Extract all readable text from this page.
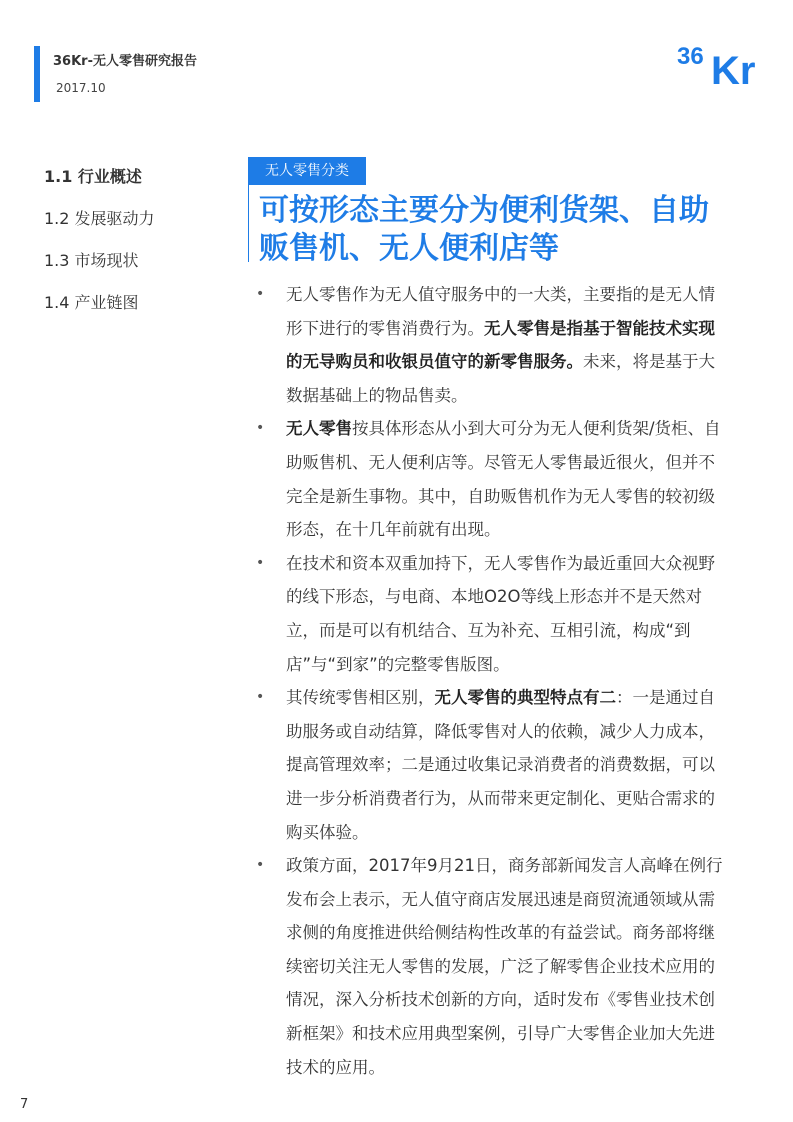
36Kr-无人零售研究报告
2017.10
36 Kr
1.1 行业概述
1.2 发展驱动力
1.3 市场现状
1.4 产业链图
无人零售分类
可按形态主要分为便利货架、自助贩售机、无人便利店等
• 无人零售作为无人值守服务中的一大类，主要指的是无人情形下进行的零售消费行为。无人零售是指基于智能技术实现的无导购员和收银员值守的新零售服务。未来，将是基于大数据基础上的物品售卖。
• 无人零售按具体形态从小到大可分为无人便利货架/货柜、自助贩售机、无人便利店等。尽管无人零售最近很火，但并不完全是新生事物。其中，自助贩售机作为无人零售的较初级形态，在十几年前就有出现。
• 在技术和资本双重加持下，无人零售作为最近重回大众视野的线下形态，与电商、本地O2O等线上形态并不是天然对立，而是可以有机结合、互为补充、互相引流，构成“到店”与“到家”的完整零售版图。
• 其传统零售相区别，无人零售的典型特点有二：一是通过自助服务或自动结算，降低零售对人的依赖，减少人力成本，提高管理效率；二是通过收集记录消费者的消费数据，可以进一步分析消费者行为，从而带来更定制化、更贴合需求的购买体验。
• 政策方面，2017年9月21日，商务部新闻发言人高峰在例行发布会上表示，无人值守商店发展迅速是商贸流通领域从需求侧的角度推进供给侧结构性改革的有益尝试。商务部将继续密切关注无人零售的发展，广泛了解零售企业技术应用的情况，深入分析技术创新的方向，适时发布《零售业技术创新框架》和技术应用典型案例，引导广大零售企业加大先进技术的应用。
7
